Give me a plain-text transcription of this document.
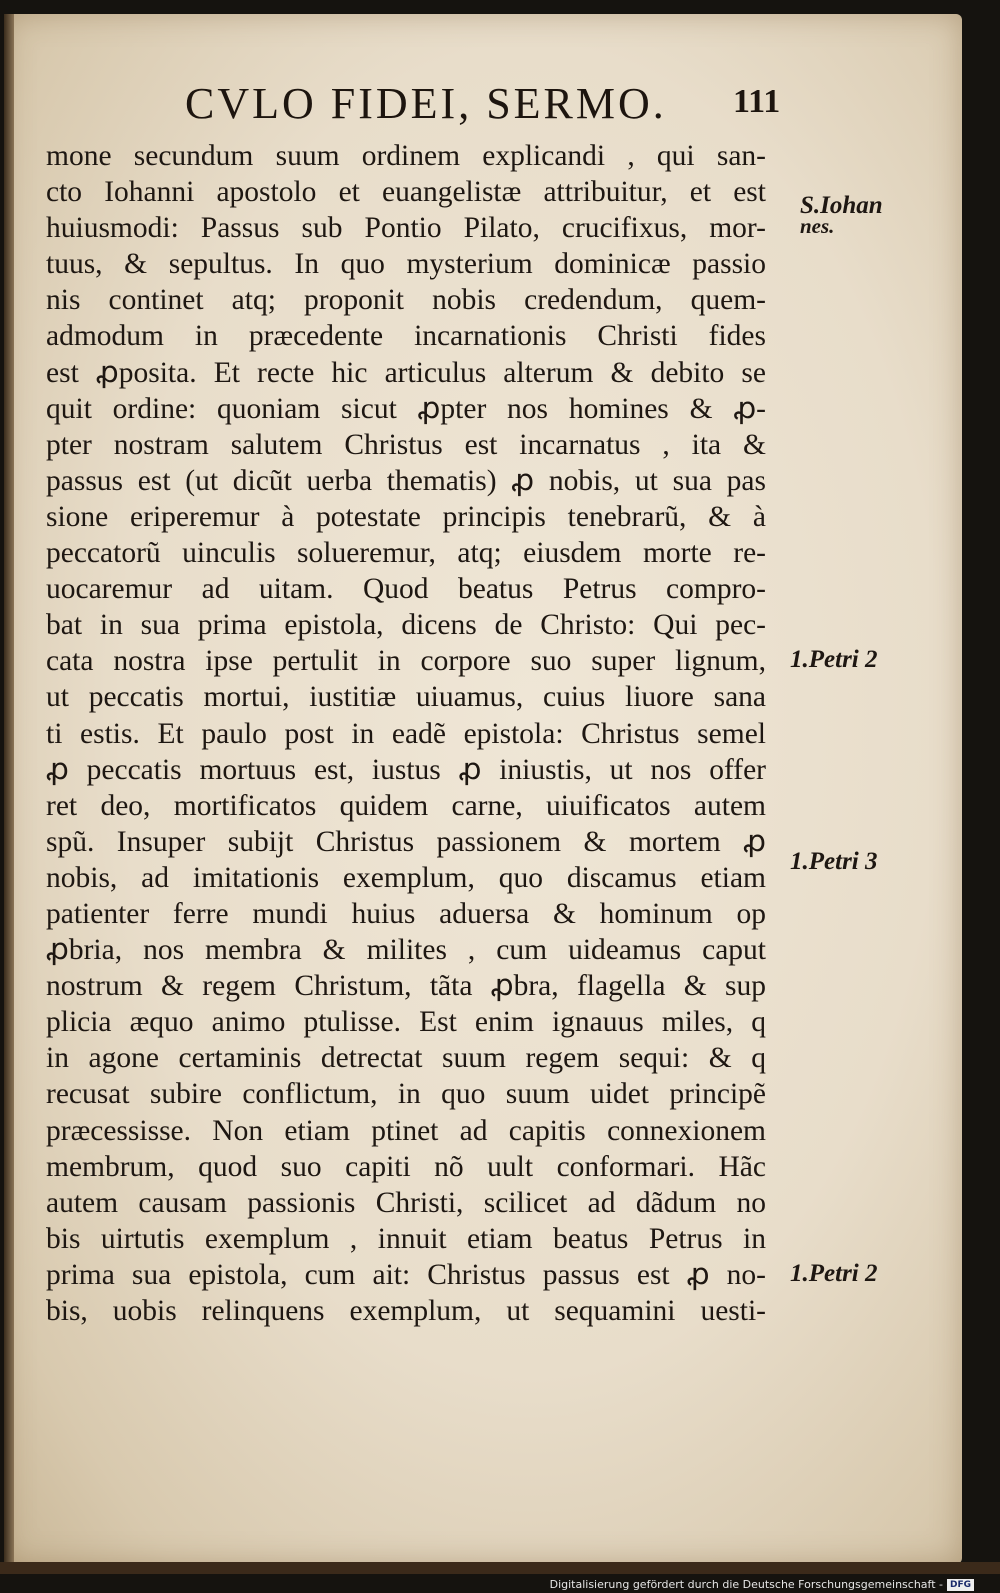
CVLO FIDEI, SERMO.	111
mone secundum suum ordinem explicandi , qui san-
cto Iohanni apostolo et euangelistæ attribuitur, et est
huiusmodi: Passus sub Pontio Pilato, crucifixus, mor-
tuus, & sepultus. In quo mysterium dominicæ passio
nis continet atq; proponit nobis credendum, quem-
admodum in præcedente incarnationis Christi fides
est ꝓposita. Et recte hic articulus alterum & debito se
quit ordine: quoniam sicut ꝓpter nos homines & ꝓ-
pter nostram salutem Christus est incarnatus , ita &
passus est (ut dicũt uerba thematis) ꝓ nobis, ut sua pas
sione eriperemur à potestate principis tenebrarũ, & à
peccatorũ uinculis solueremur, atq; eiusdem morte re-
uocaremur ad uitam. Quod beatus Petrus compro-
bat in sua prima epistola, dicens de Christo: Qui pec-
cata nostra ipse pertulit in corpore suo super lignum,
ut peccatis mortui, iustitiæ uiuamus, cuius liuore sana
ti estis. Et paulo post in eadẽ epistola: Christus semel
ꝓ peccatis mortuus est, iustus ꝓ iniustis, ut nos offer
ret deo, mortificatos quidem carne, uiuificatos autem
spũ. Insuper subijt Christus passionem & mortem ꝓ
nobis, ad imitationis exemplum, quo discamus etiam
patienter ferre mundi huius aduersa & hominum op
ꝓbria, nos membra & milites , cum uideamus caput
nostrum & regem Christum, tãta ꝓbra, flagella & sup
plicia æquo animo ptulisse. Est enim ignauus miles, q
in agone certaminis detrectat suum regem sequi: & q
recusat subire conflictum, in quo suum uidet principẽ
præcessisse. Non etiam ptinet ad capitis connexionem
membrum, quod suo capiti nõ uult conformari. Hãc
autem causam passionis Christi, scilicet ad dãdum no
bis uirtutis exemplum , innuit etiam beatus Petrus in
prima sua epistola, cum ait: Christus passus est ꝓ no-
bis, uobis relinquens exemplum, ut sequamini uesti-
S.Iohan
nes.
1.Petri 2
1.Petri 3
1.Petri 2
Digitalisierung gefördert durch die Deutsche Forschungsgemeinschaft - DFG
